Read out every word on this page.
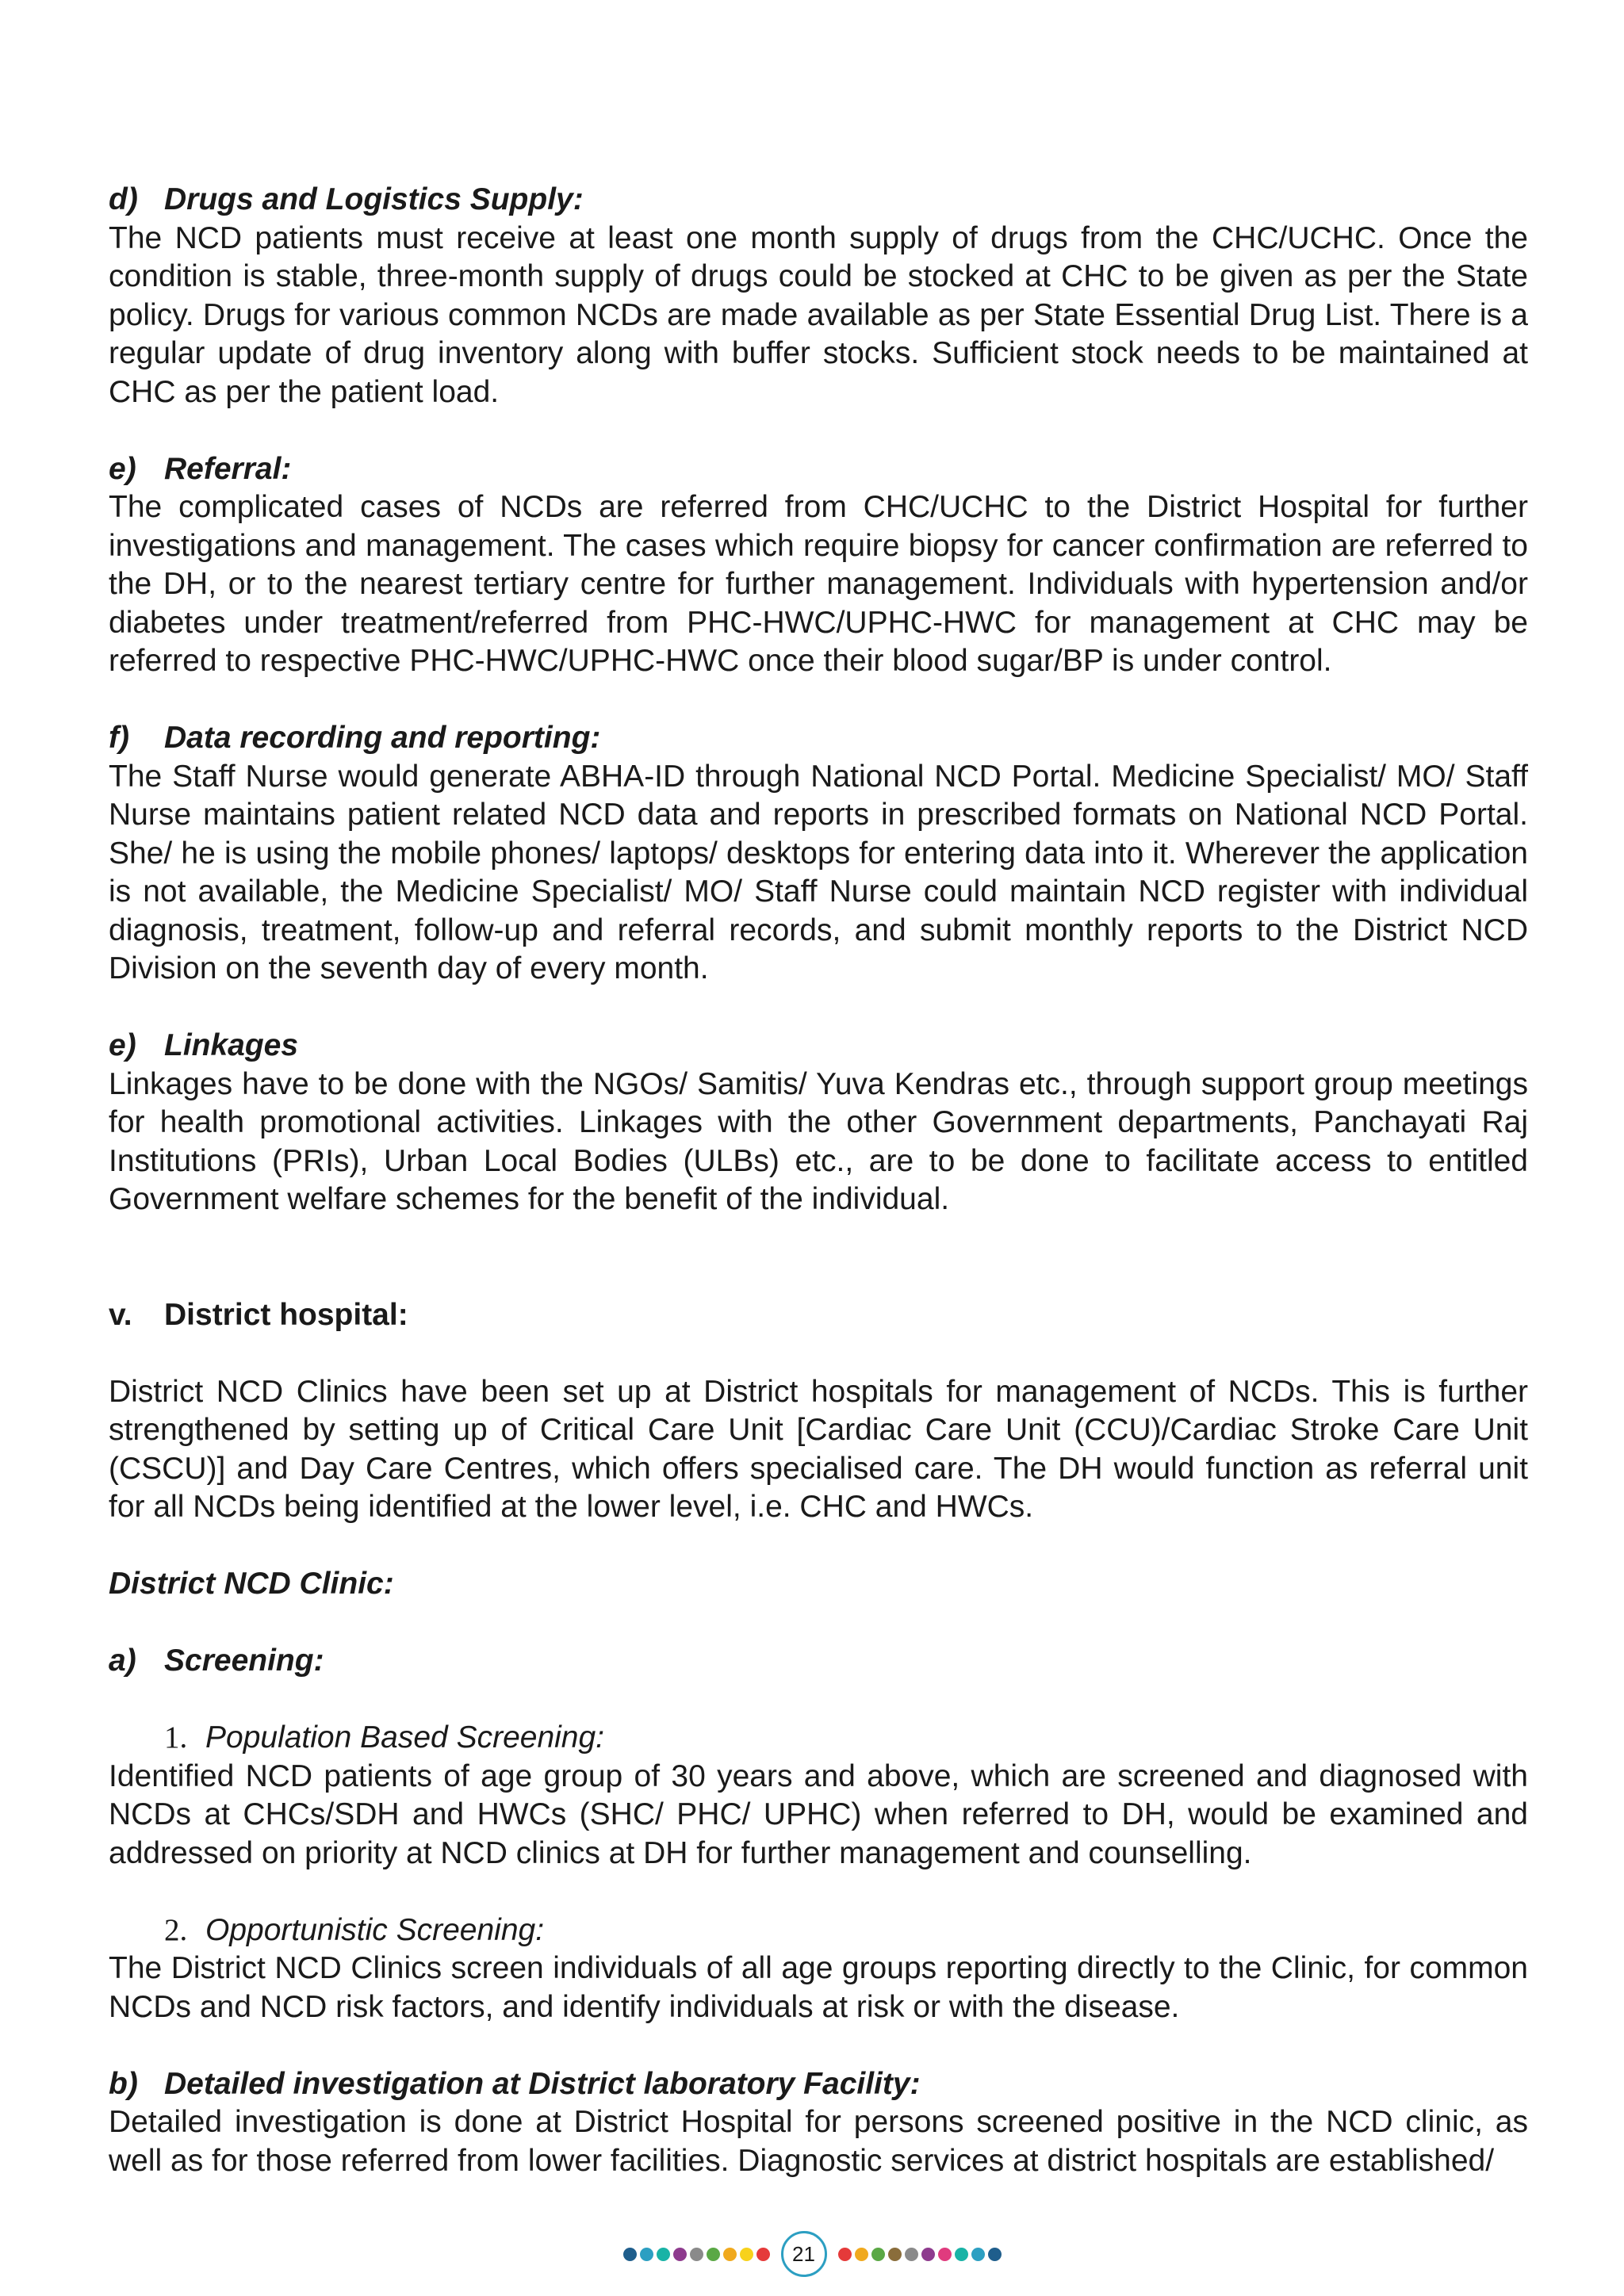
d) Drugs and Logistics Supply:

The NCD patients must receive at least one month supply of drugs from the CHC/UCHC. Once the condition is stable, three-month supply of drugs could be stocked at CHC to be given as per the State policy. Drugs for various common NCDs are made available as per State Essential Drug List. There is a regular update of drug inventory along with buffer stocks. Sufficient stock needs to be maintained at CHC as per the patient load.

e) Referral:

The complicated cases of NCDs are referred from CHC/UCHC to the District Hospital for further investigations and management. The cases which require biopsy for cancer confirmation are referred to the DH, or to the nearest tertiary centre for further management. Individuals with hypertension and/or diabetes under treatment/referred from PHC-HWC/UPHC-HWC for management at CHC may be referred to respective PHC-HWC/UPHC-HWC once their blood sugar/BP is under control.

f) Data recording and reporting:

The Staff Nurse would generate ABHA-ID through National NCD Portal. Medicine Specialist/ MO/ Staff Nurse maintains patient related NCD data and reports in prescribed formats on National NCD Portal. She/ he is using the mobile phones/ laptops/ desktops for entering data into it. Wherever the application is not available, the Medicine Specialist/ MO/ Staff Nurse could maintain NCD register with individual diagnosis, treatment, follow-up and referral records, and submit monthly reports to the District NCD Division on the seventh day of every month.

e) Linkages

Linkages have to be done with the NGOs/ Samitis/ Yuva Kendras etc., through support group meetings for health promotional activities. Linkages with the other Government departments, Panchayati Raj Institutions (PRIs), Urban Local Bodies (ULBs) etc., are to be done to facilitate access to entitled Government welfare schemes for the benefit of the individual.

v. District hospital:

District NCD Clinics have been set up at District hospitals for management of NCDs. This is further strengthened by setting up of Critical Care Unit [Cardiac Care Unit (CCU)/Cardiac Stroke Care Unit (CSCU)] and Day Care Centres, which offers specialised care. The DH would function as referral unit for all NCDs being identified at the lower level, i.e. CHC and HWCs.

District NCD Clinic:

a) Screening:

1. Population Based Screening:

Identified NCD patients of age group of 30 years and above, which are screened and diagnosed with NCDs at CHCs/SDH and HWCs (SHC/ PHC/ UPHC) when referred to DH, would be examined and addressed on priority at NCD clinics at DH for further management and counselling.

2. Opportunistic Screening:

The District NCD Clinics screen individuals of all age groups reporting directly to the Clinic, for common NCDs and NCD risk factors, and identify individuals at risk or with the disease.

b) Detailed investigation at District laboratory Facility:

Detailed investigation is done at District Hospital for persons screened positive in the NCD clinic, as well as for those referred from lower facilities. Diagnostic services at district hospitals are established/

21
